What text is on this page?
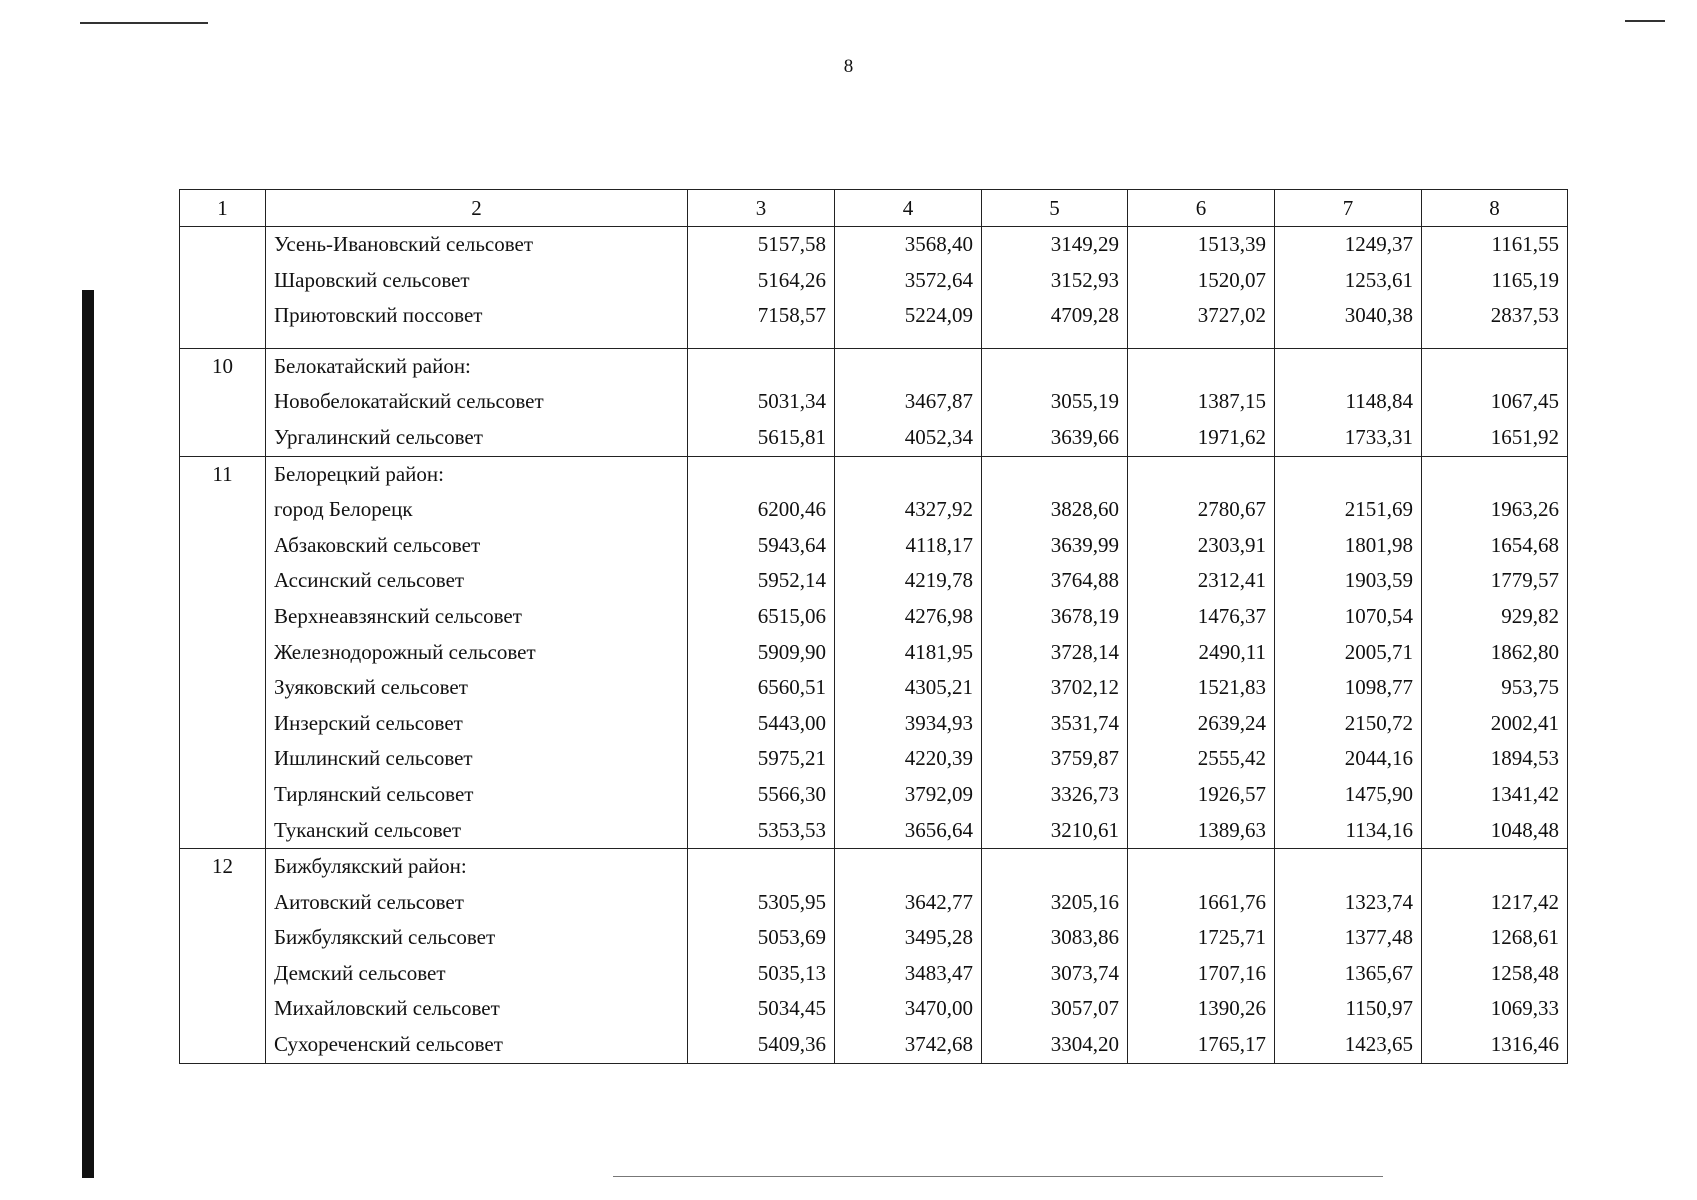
8
1	2	3	4	5	6	7	8
	Усень-Ивановский сельсовет	5157,58	3568,40	3149,29	1513,39	1249,37	1161,55
	Шаровский сельсовет	5164,26	3572,64	3152,93	1520,07	1253,61	1165,19
	Приютовский поссовет	7158,57	5224,09	4709,28	3727,02	3040,38	2837,53

10	Белокатайский район:						
	Новобелокатайский сельсовет	5031,34	3467,87	3055,19	1387,15	1148,84	1067,45
	Ургалинский сельсовет	5615,81	4052,34	3639,66	1971,62	1733,31	1651,92
11	Белорецкий район:						
	город Белорецк	6200,46	4327,92	3828,60	2780,67	2151,69	1963,26
	Абзаковский сельсовет	5943,64	4118,17	3639,99	2303,91	1801,98	1654,68
	Ассинский сельсовет	5952,14	4219,78	3764,88	2312,41	1903,59	1779,57
	Верхнеавзянский сельсовет	6515,06	4276,98	3678,19	1476,37	1070,54	929,82
	Железнодорожный сельсовет	5909,90	4181,95	3728,14	2490,11	2005,71	1862,80
	Зуяковский сельсовет	6560,51	4305,21	3702,12	1521,83	1098,77	953,75
	Инзерский сельсовет	5443,00	3934,93	3531,74	2639,24	2150,72	2002,41
	Ишлинский сельсовет	5975,21	4220,39	3759,87	2555,42	2044,16	1894,53
	Тирлянский сельсовет	5566,30	3792,09	3326,73	1926,57	1475,90	1341,42
	Туканский сельсовет	5353,53	3656,64	3210,61	1389,63	1134,16	1048,48
12	Бижбулякский район:						
	Аитовский сельсовет	5305,95	3642,77	3205,16	1661,76	1323,74	1217,42
	Бижбулякский сельсовет	5053,69	3495,28	3083,86	1725,71	1377,48	1268,61
	Демский сельсовет	5035,13	3483,47	3073,74	1707,16	1365,67	1258,48
	Михайловский сельсовет	5034,45	3470,00	3057,07	1390,26	1150,97	1069,33
	Сухореченский сельсовет	5409,36	3742,68	3304,20	1765,17	1423,65	1316,46
